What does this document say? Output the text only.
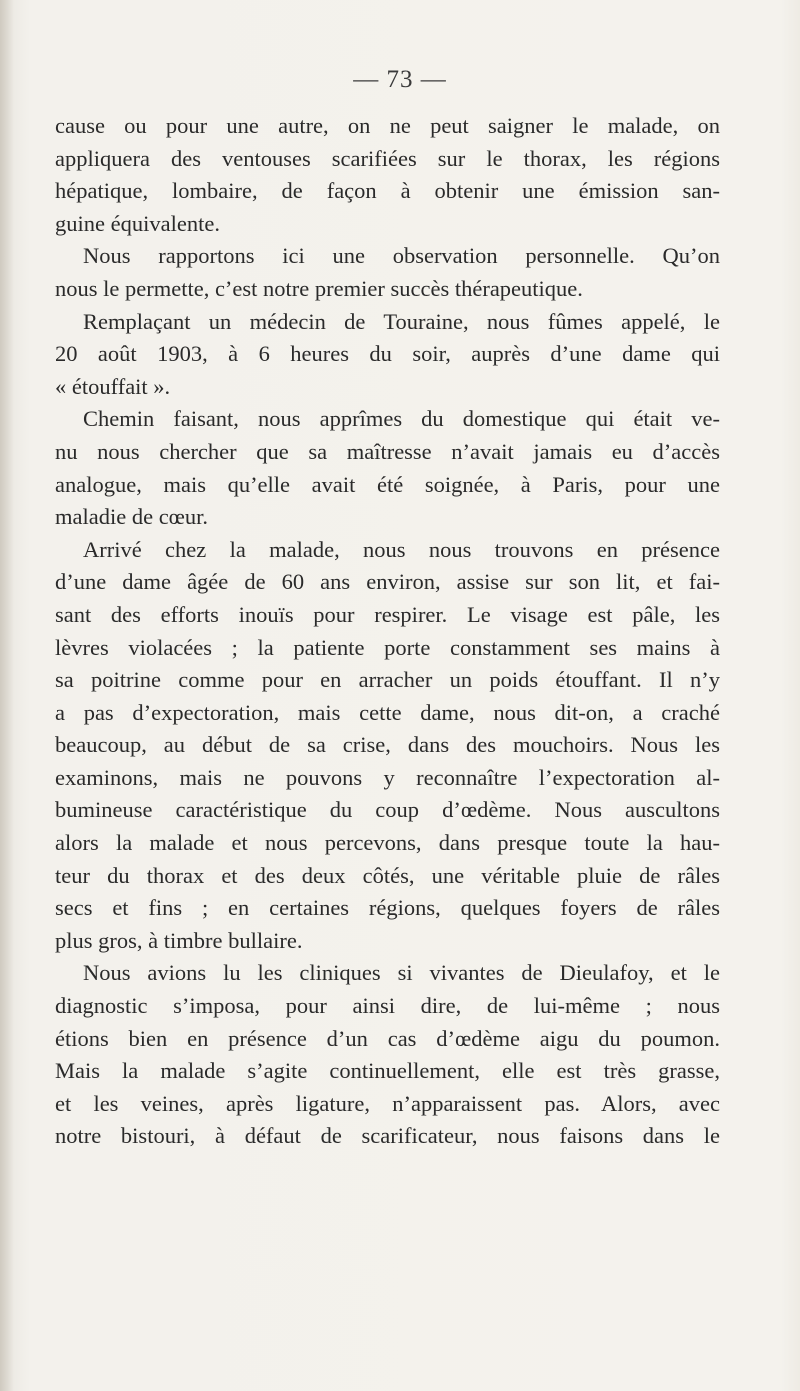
— 73 —
cause ou pour une autre, on ne peut saigner le malade, on
appliquera des ventouses scarifiées sur le thorax, les régions
hépatique, lombaire, de façon à obtenir une émission san-
guine équivalente.
Nous rapportons ici une observation personnelle. Qu’on
nous le permette, c’est notre premier succès thérapeutique.
Remplaçant un médecin de Touraine, nous fûmes appelé, le
20 août 1903, à 6 heures du soir, auprès d’une dame qui
« étouffait ».
Chemin faisant, nous apprîmes du domestique qui était ve-
nu nous chercher que sa maîtresse n’avait jamais eu d’accès
analogue, mais qu’elle avait été soignée, à Paris, pour une
maladie de cœur.
Arrivé chez la malade, nous nous trouvons en présence
d’une dame âgée de 60 ans environ, assise sur son lit, et fai-
sant des efforts inouïs pour respirer. Le visage est pâle, les
lèvres violacées ; la patiente porte constamment ses mains à
sa poitrine comme pour en arracher un poids étouffant. Il n’y
a pas d’expectoration, mais cette dame, nous dit-on, a craché
beaucoup, au début de sa crise, dans des mouchoirs. Nous les
examinons, mais ne pouvons y reconnaître l’expectoration al-
bumineuse caractéristique du coup d’œdème. Nous auscultons
alors la malade et nous percevons, dans presque toute la hau-
teur du thorax et des deux côtés, une véritable pluie de râles
secs et fins ; en certaines régions, quelques foyers de râles
plus gros, à timbre bullaire.
Nous avions lu les cliniques si vivantes de Dieulafoy, et le
diagnostic s’imposa, pour ainsi dire, de lui-même ; nous
étions bien en présence d’un cas d’œdème aigu du poumon.
Mais la malade s’agite continuellement, elle est très grasse,
et les veines, après ligature, n’apparaissent pas. Alors, avec
notre bistouri, à défaut de scarificateur, nous faisons dans le
